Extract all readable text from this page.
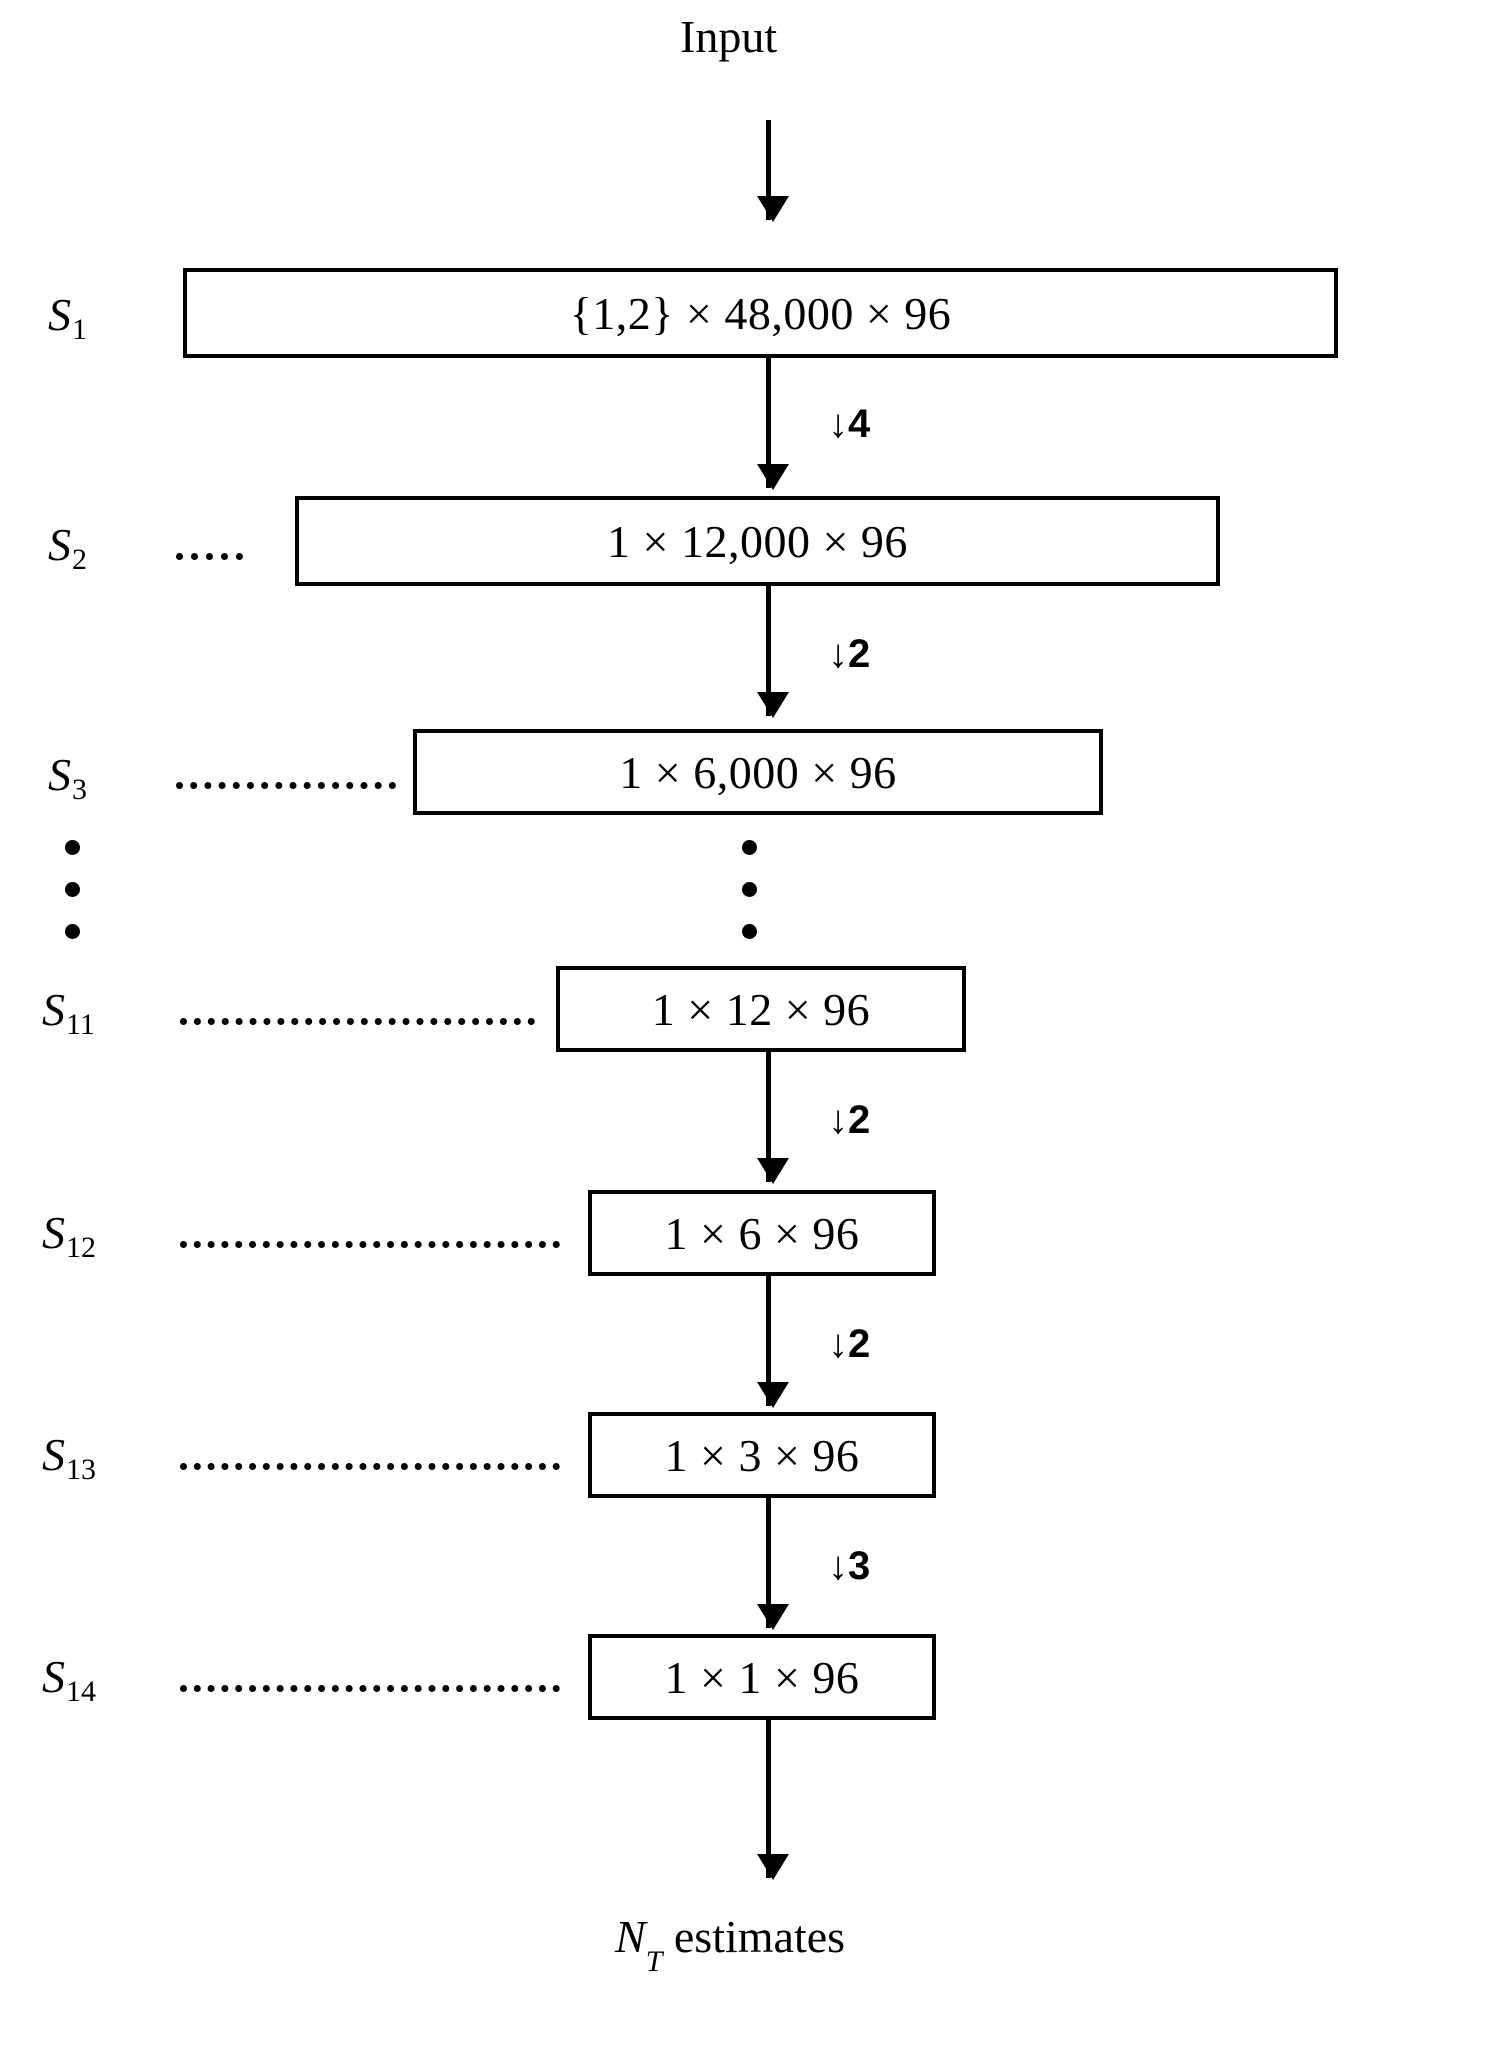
Input
$S_1$	{1,2} × 48,000 × 96
↓4
$S_2$	1 × 12,000 × 96
↓2
$S_3$	1 × 6,000 × 96
$S_{11}$	1 × 12 × 96
↓2
$S_{12}$	1 × 6 × 96
↓2
$S_{13}$	1 × 3 × 96
↓3
$S_{14}$	1 × 1 × 96
$N_T$ estimates
